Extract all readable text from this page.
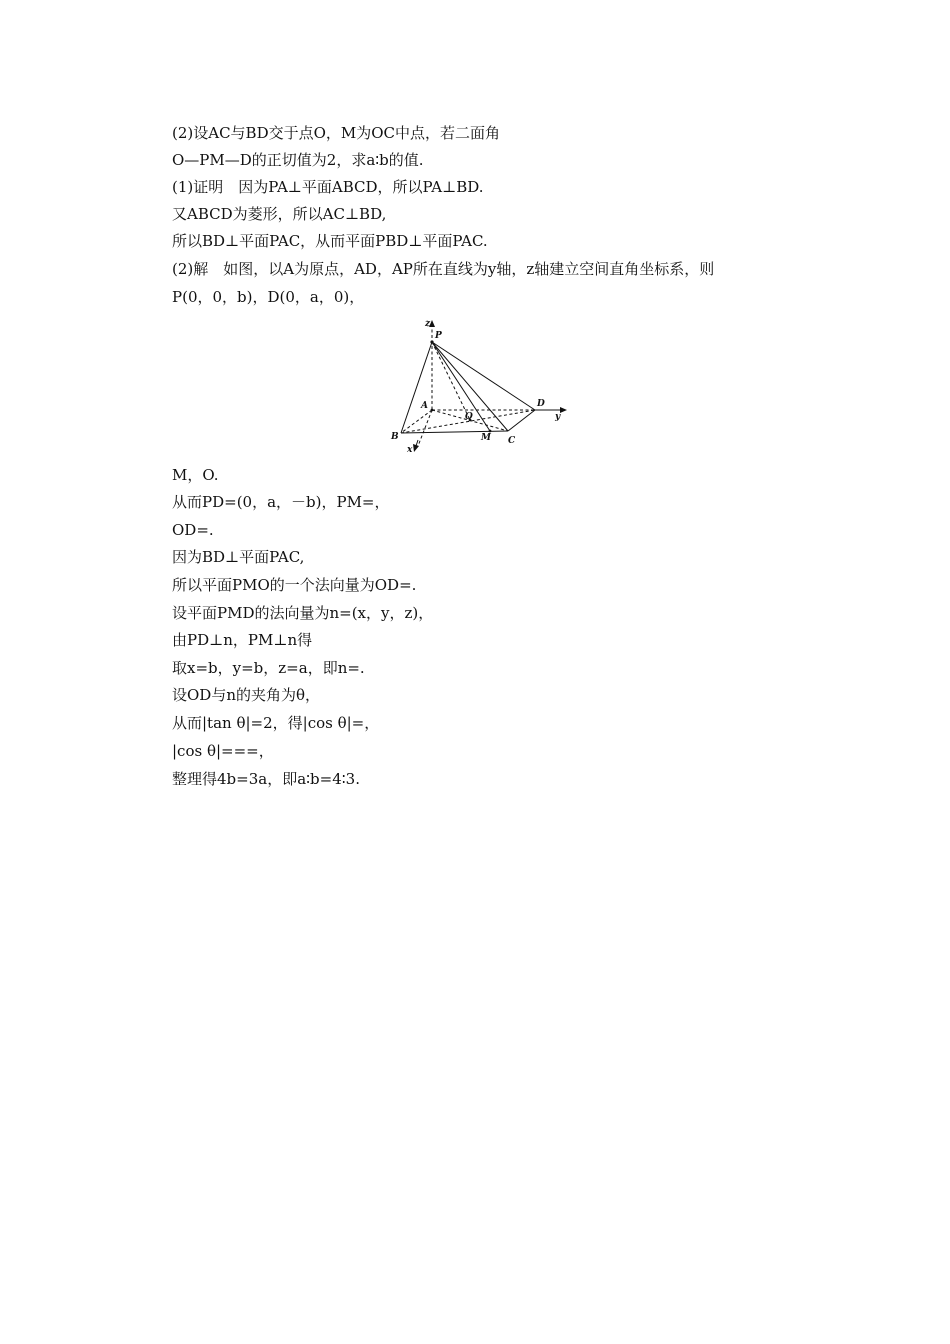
(2)设AC与BD交于点O，M为OC中点，若二面角
O—PM—D的正切值为2，求a∶b的值.
(1)证明　因为PA⊥平面ABCD，所以PA⊥BD.
又ABCD为菱形，所以AC⊥BD,
所以BD⊥平面PAC，从而平面PBD⊥平面PAC.
(2)解　如图，以A为原点，AD，AP所在直线为y轴，z轴建立空间直角坐标系，则
P(0，0，b)，D(0，a，0)，
z
P
A	D
y
O
B	M C
x
M，O.
从而PD=(0，a，－b)，PM=，
OD=.
因为BD⊥平面PAC,
所以平面PMO的一个法向量为OD=.
设平面PMD的法向量为n=(x，y，z)，
由PD⊥n，PM⊥n得
取x=b，y=b，z=a，即n=.
设OD与n的夹角为θ，
从而|tan θ|=2，得|cos θ|=，
|cos θ|===，
整理得4b=3a，即a∶b=4∶3.
